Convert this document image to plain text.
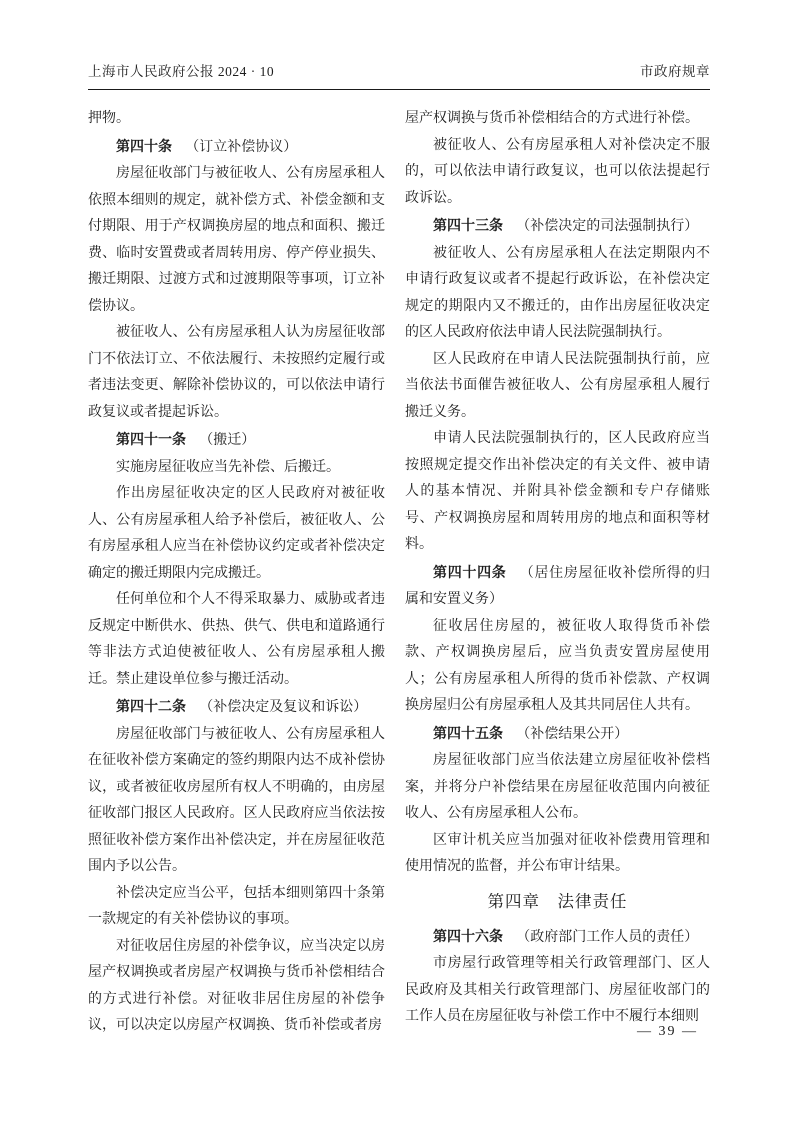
上海市人民政府公报 2024 · 10	市政府规章

押物。

第四十条 （订立补偿协议）

房屋征收部门与被征收人、公有房屋承租人依照本细则的规定，就补偿方式、补偿金额和支付期限、用于产权调换房屋的地点和面积、搬迁费、临时安置费或者周转用房、停产停业损失、搬迁期限、过渡方式和过渡期限等事项，订立补偿协议。

被征收人、公有房屋承租人认为房屋征收部门不依法订立、不依法履行、未按照约定履行或者违法变更、解除补偿协议的，可以依法申请行政复议或者提起诉讼。

第四十一条 （搬迁）

实施房屋征收应当先补偿、后搬迁。

作出房屋征收决定的区人民政府对被征收人、公有房屋承租人给予补偿后，被征收人、公有房屋承租人应当在补偿协议约定或者补偿决定确定的搬迁期限内完成搬迁。

任何单位和个人不得采取暴力、威胁或者违反规定中断供水、供热、供气、供电和道路通行等非法方式迫使被征收人、公有房屋承租人搬迁。禁止建设单位参与搬迁活动。

第四十二条 （补偿决定及复议和诉讼）

房屋征收部门与被征收人、公有房屋承租人在征收补偿方案确定的签约期限内达不成补偿协议，或者被征收房屋所有权人不明确的，由房屋征收部门报区人民政府。区人民政府应当依法按照征收补偿方案作出补偿决定，并在房屋征收范围内予以公告。

补偿决定应当公平，包括本细则第四十条第一款规定的有关补偿协议的事项。

对征收居住房屋的补偿争议，应当决定以房屋产权调换或者房屋产权调换与货币补偿相结合的方式进行补偿。对征收非居住房屋的补偿争议，可以决定以房屋产权调换、货币补偿或者房

屋产权调换与货币补偿相结合的方式进行补偿。

被征收人、公有房屋承租人对补偿决定不服的，可以依法申请行政复议，也可以依法提起行政诉讼。

第四十三条 （补偿决定的司法强制执行）

被征收人、公有房屋承租人在法定期限内不申请行政复议或者不提起行政诉讼，在补偿决定规定的期限内又不搬迁的，由作出房屋征收决定的区人民政府依法申请人民法院强制执行。

区人民政府在申请人民法院强制执行前，应当依法书面催告被征收人、公有房屋承租人履行搬迁义务。

申请人民法院强制执行的，区人民政府应当按照规定提交作出补偿决定的有关文件、被申请人的基本情况、并附具补偿金额和专户存储账号、产权调换房屋和周转用房的地点和面积等材料。

第四十四条 （居住房屋征收补偿所得的归属和安置义务）

征收居住房屋的，被征收人取得货币补偿款、产权调换房屋后，应当负责安置房屋使用人；公有房屋承租人所得的货币补偿款、产权调换房屋归公有房屋承租人及其共同居住人共有。

第四十五条 （补偿结果公开）

房屋征收部门应当依法建立房屋征收补偿档案，并将分户补偿结果在房屋征收范围内向被征收人、公有房屋承租人公布。

区审计机关应当加强对征收补偿费用管理和使用情况的监督，并公布审计结果。

第四章　法律责任

第四十六条 （政府部门工作人员的责任）

市房屋行政管理等相关行政管理部门、区人民政府及其相关行政管理部门、房屋征收部门的工作人员在房屋征收与补偿工作中不履行本细则

— 39 —
